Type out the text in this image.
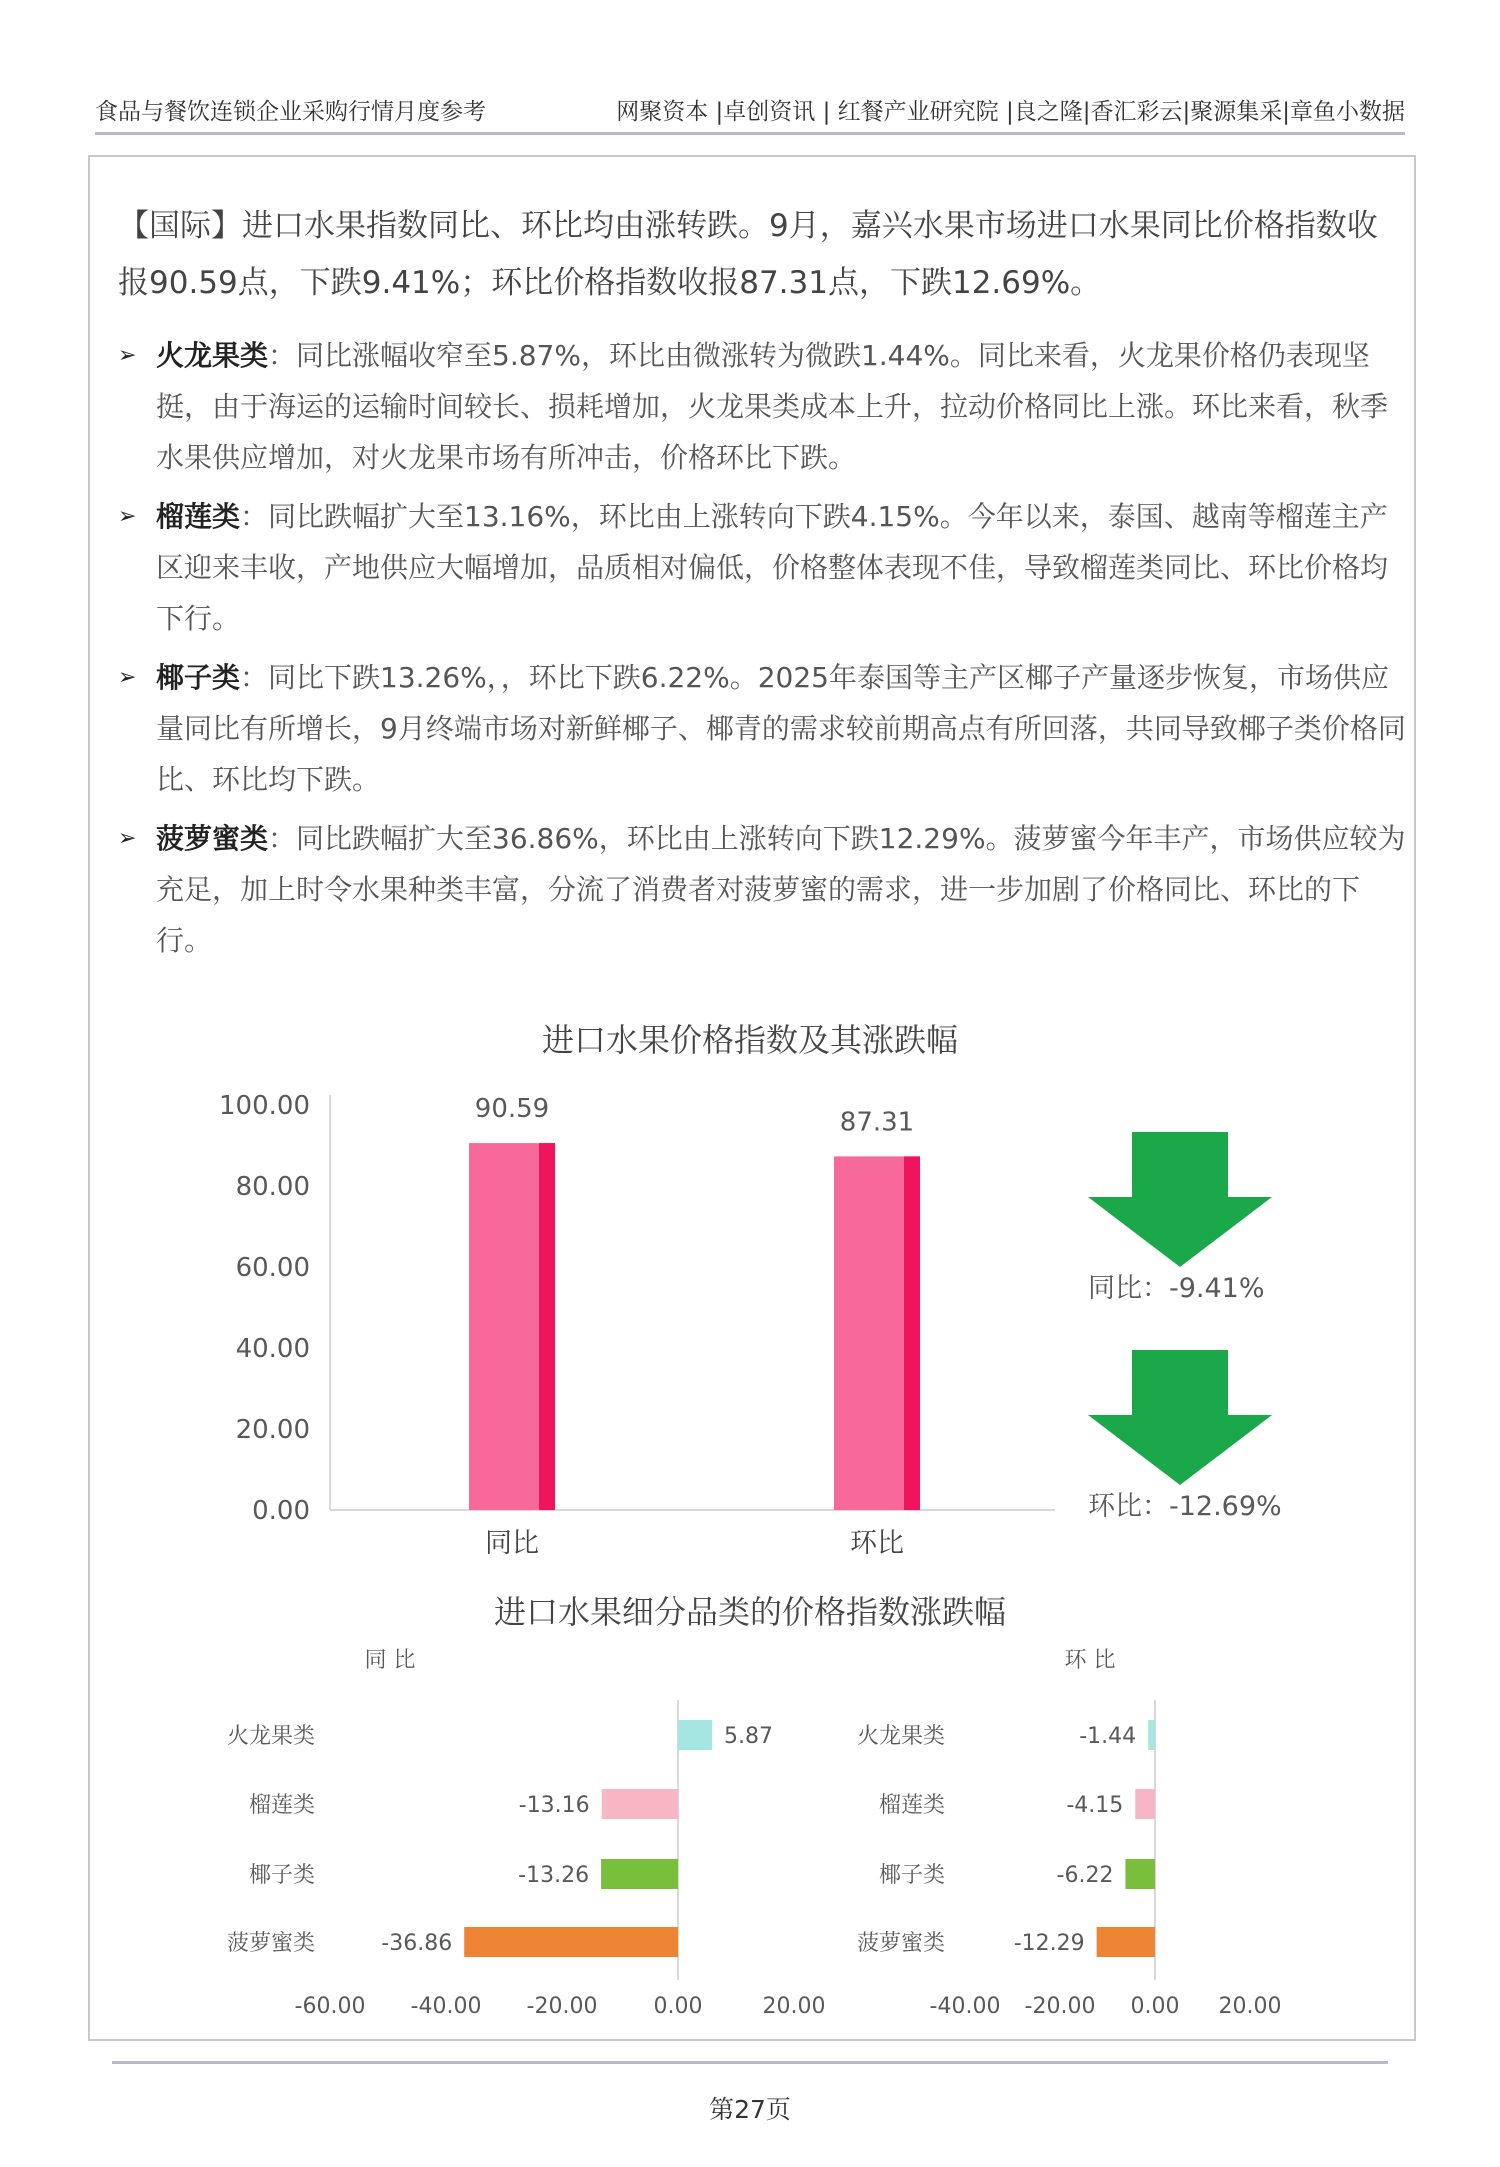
食品与餐饮连锁企业采购行情月度参考	网聚资本 |卓创资讯 | 红餐产业研究院 |良之隆|香汇彩云|聚源集采|章鱼小数据
【国际】进口水果指数同比、环比均由涨转跌。9月，嘉兴水果市场进口水果同比价格指数收报90.59点，下跌9.41%；环比价格指数收报87.31点，下跌12.69%。
➢ 火龙果类：同比涨幅收窄至5.87%，环比由微涨转为微跌1.44%。同比来看，火龙果价格仍表现坚挺，由于海运的运输时间较长、损耗增加，火龙果类成本上升，拉动价格同比上涨。环比来看，秋季水果供应增加，对火龙果市场有所冲击，价格环比下跌。
➢ 榴莲类：同比跌幅扩大至13.16%，环比由上涨转向下跌4.15%。今年以来，泰国、越南等榴莲主产区迎来丰收，产地供应大幅增加，品质相对偏低，价格整体表现不佳，导致榴莲类同比、环比价格均下行。
➢ 椰子类：同比下跌13.26%，，环比下跌6.22%。2025年泰国等主产区椰子产量逐步恢复，市场供应量同比有所增长，9月终端市场对新鲜椰子、椰青的需求较前期高点有所回落，共同导致椰子类价格同比、环比均下跌。
➢ 菠萝蜜类：同比跌幅扩大至36.86%，环比由上涨转向下跌12.29%。菠萝蜜今年丰产，市场供应较为充足，加上时令水果种类丰富，分流了消费者对菠萝蜜的需求，进一步加剧了价格同比、环比的下行。
进口水果价格指数及其涨跌幅
100.00
80.00
60.00
40.00
20.00
0.00
90.59
同比
87.31
环比
同比：-9.41%
环比：-12.69%
进口水果细分品类的价格指数涨跌幅
同 比
火龙果类	5.87
榴莲类	-13.16
椰子类	-13.26
菠萝蜜类	-36.86
-60.00 -40.00 -20.00	0.00	20.00
环 比
火龙果类	-1.44
榴莲类	-4.15
椰子类	-6.22
菠萝蜜类	-12.29
-40.00 -20.00 0.00 20.00
第27页
